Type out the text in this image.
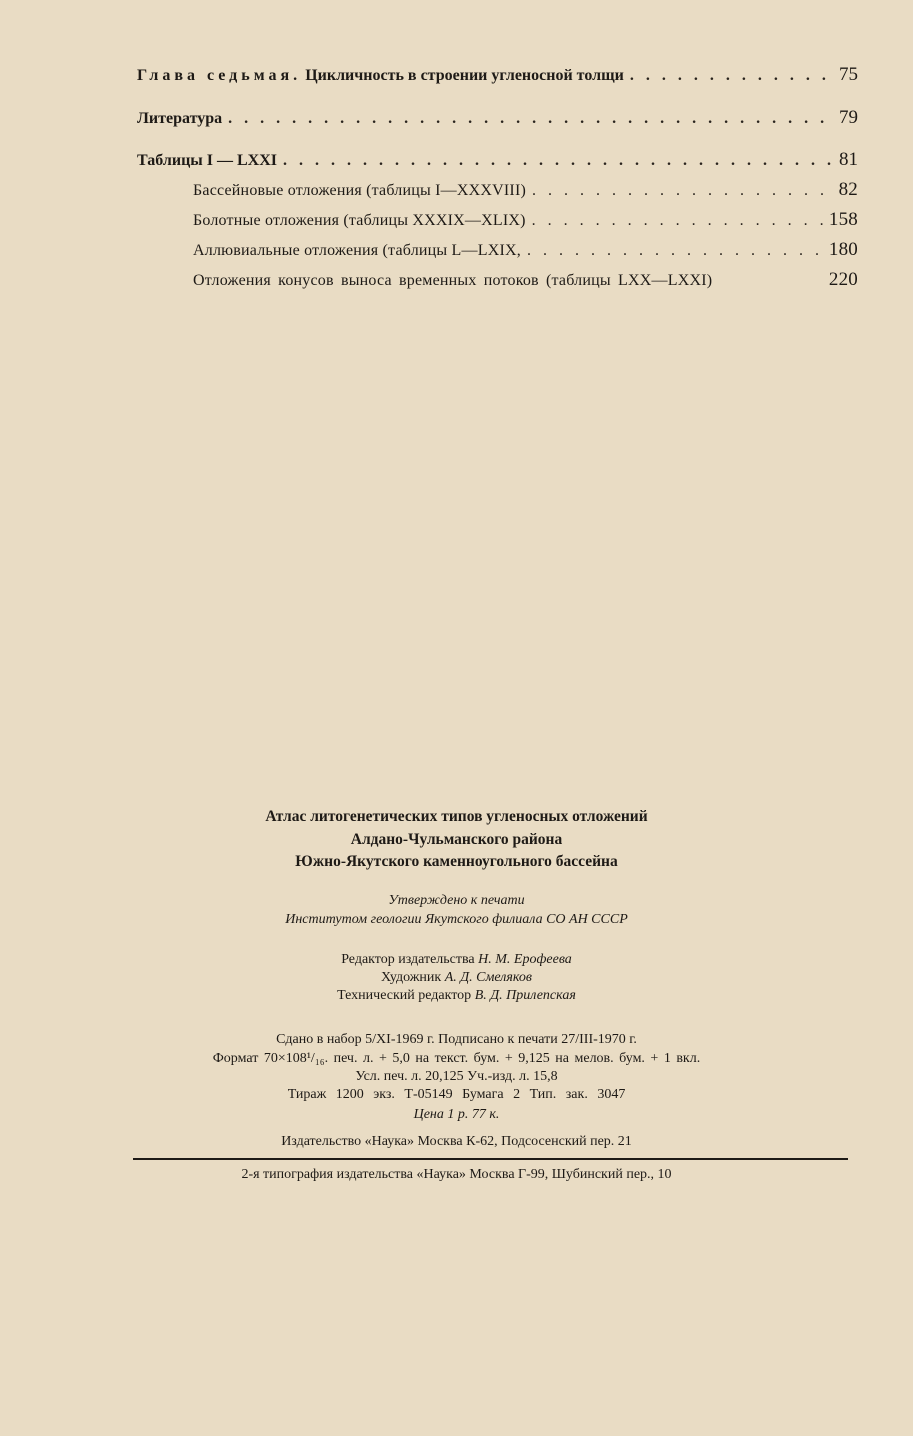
Глава седьмая. Цикличность в строении угленосной толщи . . .	75
Литература . . .	79
Таблицы I — LXXI . . .	81
Бассейновые отложения (таблицы I—XXXVIII) . . .	82
Болотные отложения (таблицы XXXIX—XLIX) . . .	158
Аллювиальные отложения (таблицы L—LXIX, . . .	180
Отложения конусов выноса временных потоков (таблицы LXX—LXXI)	220
Атлас литогенетических типов угленосных отложений
Алдано-Чульманского района
Южно-Якутского каменноугольного бассейна
Утверждено к печати
Институтом геологии Якутского филиала СО АН СССР
Редактор издательства Н. М. Ерофеева
Художник А. Д. Смеляков
Технический редактор В. Д. Прилепская
Сдано в набор 5/XI-1969 г. Подписано к печати 27/III-1970 г.
Формат 70×108¹/₁₆. печ. л. + 5,0 на текст. бум. + 9,125 на мелов. бум. + 1 вкл.
Усл. печ. л. 20,125 Уч.-изд. л. 15,8
Тираж 1200 экз. Т-05149 Бумага 2 Тип. зак. 3047
Цена 1 р. 77 к.
Издательство «Наука» Москва К-62, Подсосенский пер. 21
2-я типография издательства «Наука» Москва Г-99, Шубинский пер., 10
